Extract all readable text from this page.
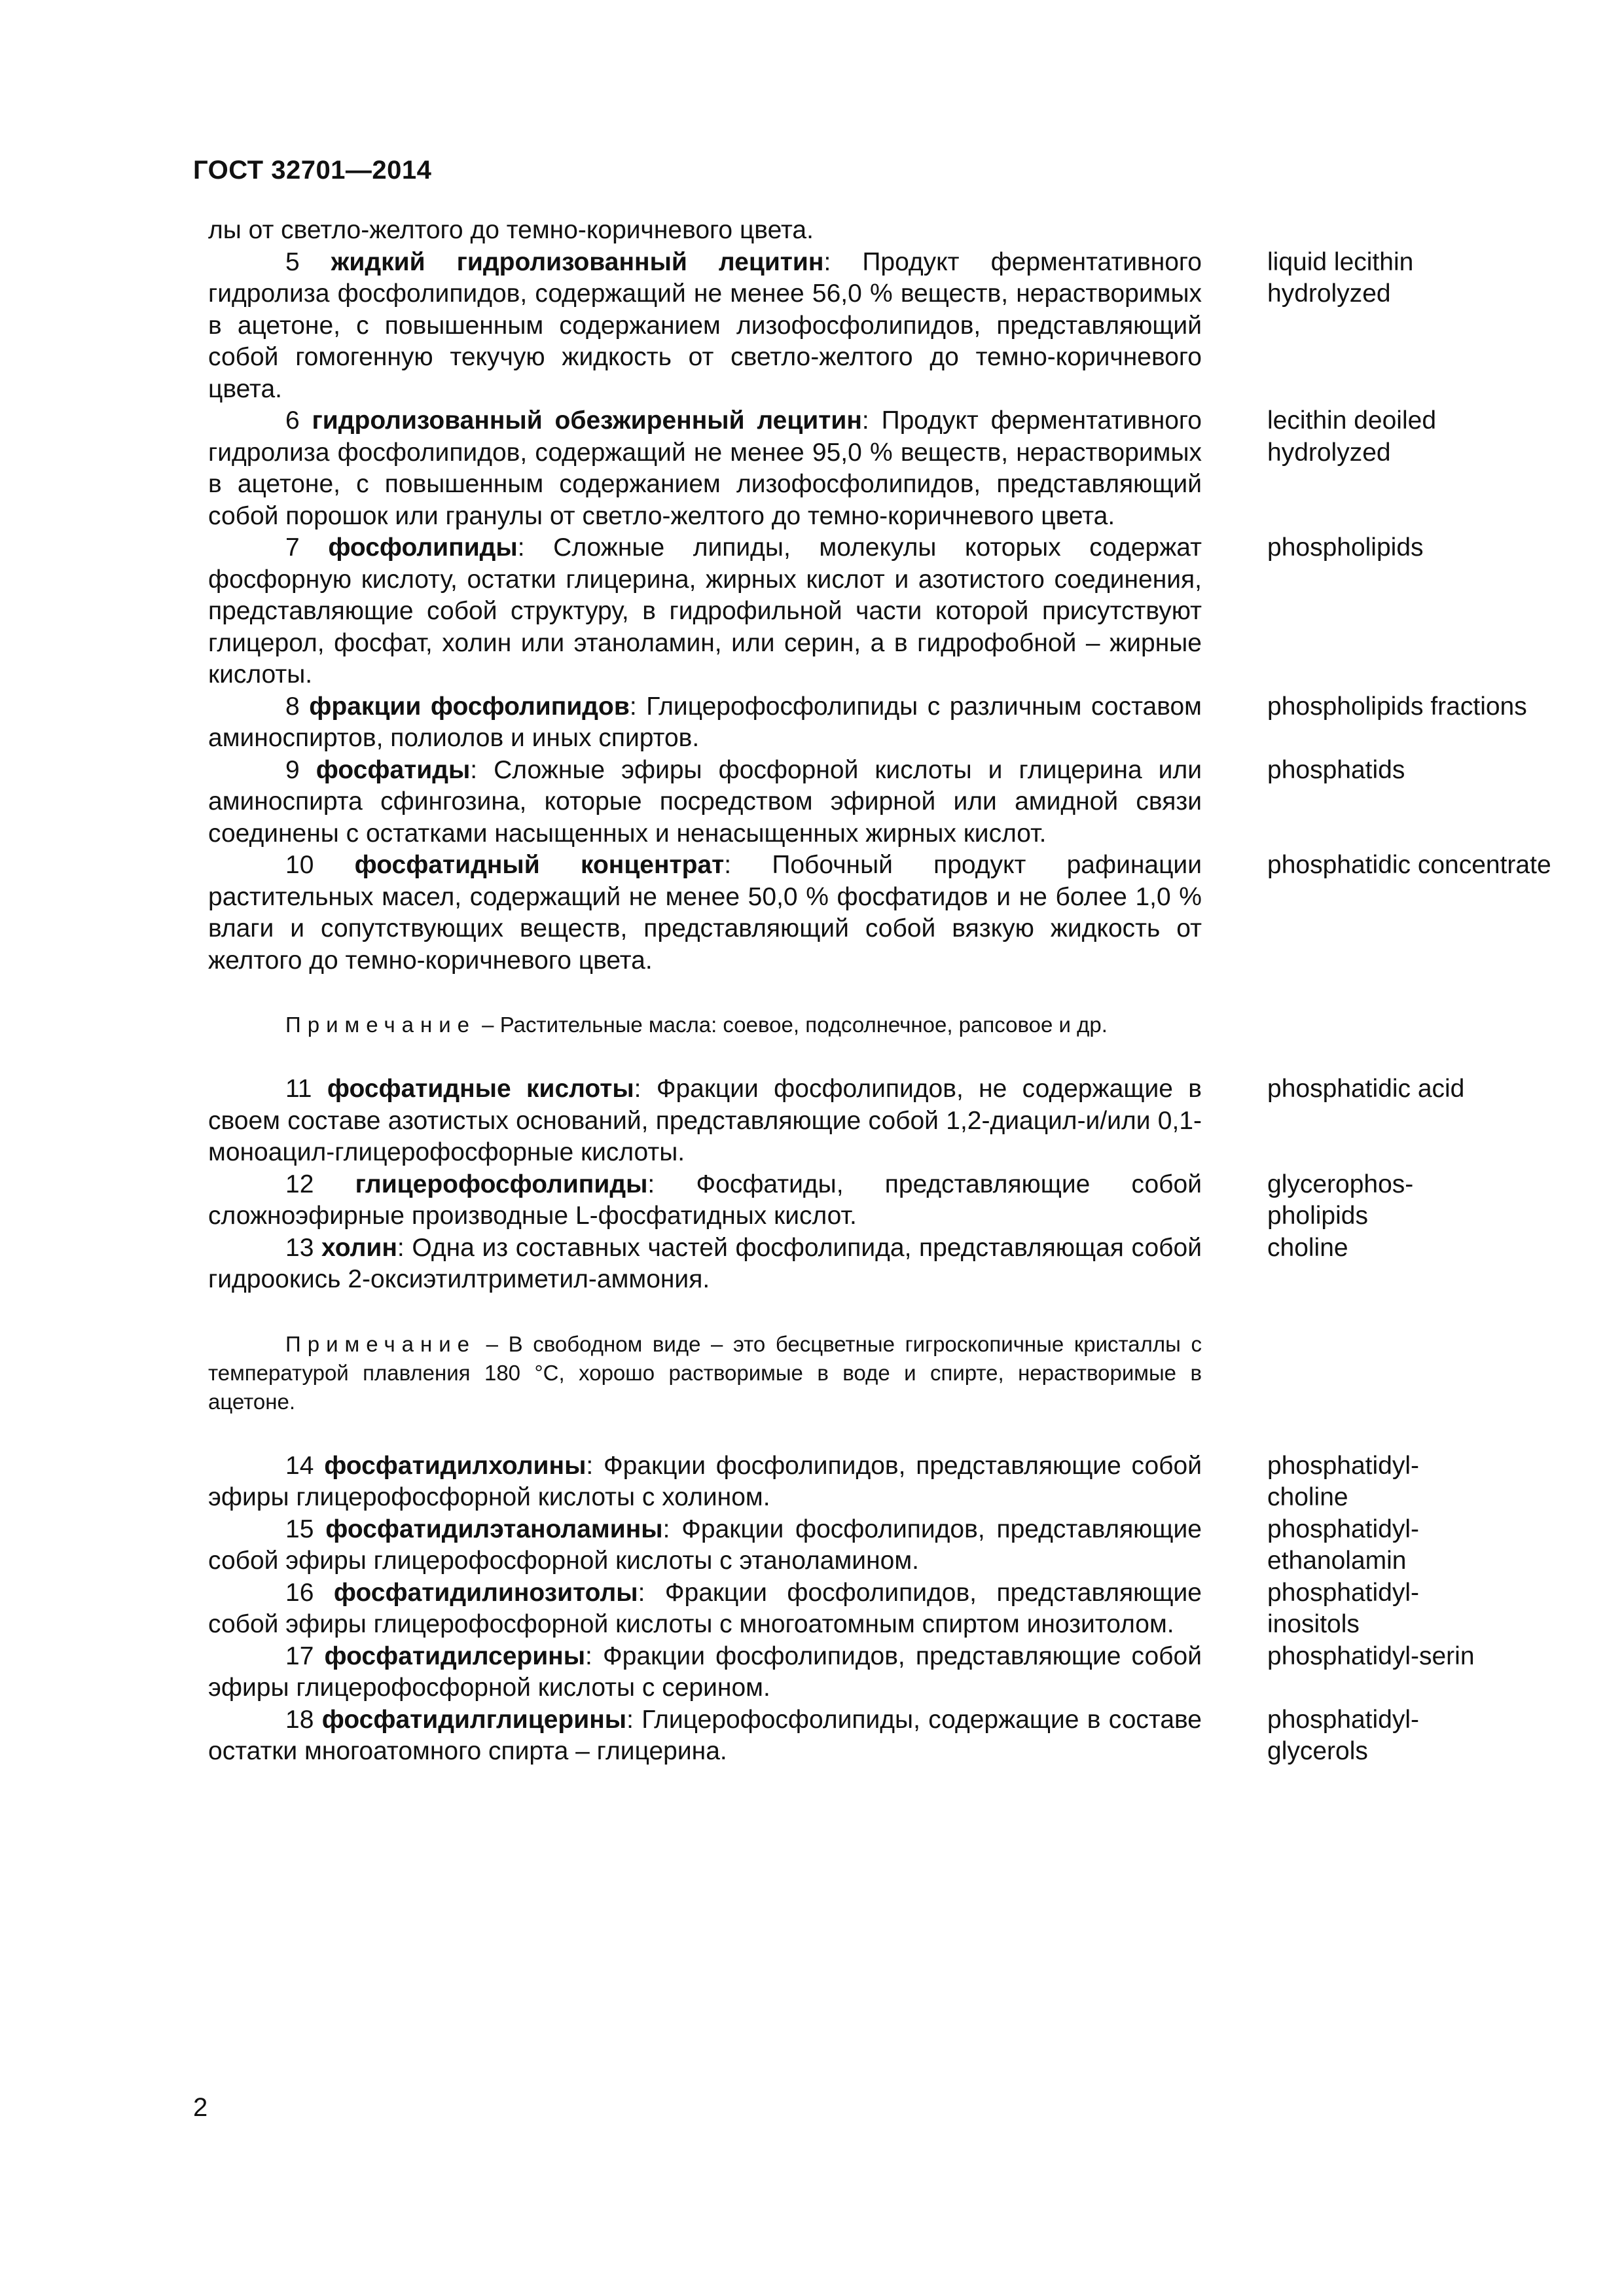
ГОСТ 32701—2014

лы от светло-желтого до темно-коричневого цвета.

5 жидкий гидролизованный лецитин: Продукт ферментативного гидролиза фосфолипидов, содержащий не менее 56,0 % веществ, нерастворимых в ацетоне, с повышенным содержанием лизофосфолипидов, представляющий собой гомогенную текучую жидкость от светло-желтого до темно-коричневого цвета.

liquid lecithin
hydrolyzed

6 гидролизованный обезжиренный лецитин: Продукт ферментативного гидролиза фосфолипидов, содержащий не менее 95,0 % веществ, нерастворимых в ацетоне, с повышенным содержанием лизофосфолипидов, представляющий собой порошок или гранулы от светло-желтого до темно-коричневого цвета.

lecithin deoiled
hydrolyzed

7 фосфолипиды: Сложные липиды, молекулы которых содержат фосфорную кислоту, остатки глицерина, жирных кислот и азотистого соединения, представляющие собой структуру, в гидрофильной части которой присутствуют глицерол, фосфат, холин или этаноламин, или серин, а в гидрофобной – жирные кислоты.

phospholipids

8 фракции фосфолипидов: Глицерофосфолипиды с различным составом аминоспиртов, полиолов и иных спиртов.

phospholipids fractions

9 фосфатиды: Сложные эфиры фосфорной кислоты и глицерина или аминоспирта сфингозина, которые посредством эфирной или амидной связи соединены с остатками насыщенных и ненасыщенных жирных кислот.

phosphatids

10 фосфатидный концентрат: Побочный продукт рафинации растительных масел, содержащий не менее 50,0 % фосфатидов и не более 1,0 % влаги и сопутствующих веществ, представляющий собой вязкую жидкость от желтого до темно-коричневого цвета.

phosphatidic concentrate

Примечание – Растительные масла: соевое, подсолнечное, рапсовое и др.

11 фосфатидные кислоты: Фракции фосфолипидов, не содержащие в своем составе азотистых оснований, представляющие собой 1,2-диацил-и/или 0,1-моноацил-глицерофосфорные кислоты.

phosphatidic acid

12 глицерофосфолипиды: Фосфатиды, представляющие собой сложноэфирные производные L-фосфатидных кислот.

glycerophos-
pholipids

13 холин: Одна из составных частей фосфолипида, представляющая собой гидроокись 2-оксиэтилтриметил-аммония.

choline

Примечание – В свободном виде – это бесцветные гигроскопичные кристаллы с температурой плавления 180 °С, хорошо растворимые в воде и спирте, нерастворимые в ацетоне.

14 фосфатидилхолины: Фракции фосфолипидов, представляющие собой эфиры глицерофосфорной кислоты с холином.

phosphatidyl-
choline

15 фосфатидилэтаноламины: Фракции фосфолипидов, представляющие собой эфиры глицерофосфорной кислоты с этаноламином.

phosphatidyl-
ethanolamin

16 фосфатидилинозитолы: Фракции фосфолипидов, представляющие собой эфиры глицерофосфорной кислоты с многоатомным спиртом инозитолом.

phosphatidyl-
inositols

17 фосфатидилсерины: Фракции фосфолипидов, представляющие собой эфиры глицерофосфорной кислоты с серином.

phosphatidyl-serin

18 фосфатидилглицерины: Глицерофосфолипиды, содержащие в составе остатки многоатомного спирта – глицерина.

phosphatidyl-
glycerols

2
